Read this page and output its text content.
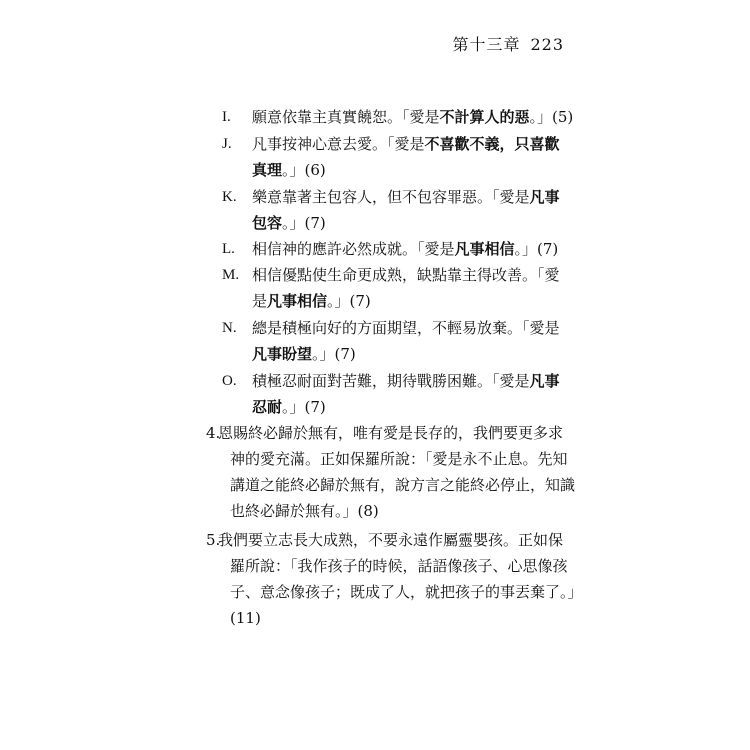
第十三章 223
I.	願意依靠主真實饒恕。「愛是不計算人的惡。」(5)

J.	凡事按神心意去愛。「愛是不喜歡不義，只喜歡

真理。」(6)

K.	樂意靠著主包容人，但不包容罪惡。「愛是凡事

包容。」(7)

L.	相信神的應許必然成就。「愛是凡事相信。」(7)

M. 相信優點使生命更成熟，缺點靠主得改善。「愛

是凡事相信。」(7)

N.	總是積極向好的方面期望，不輕易放棄。「愛是

凡事盼望。」(7)

O.	積極忍耐面對苦難，期待戰勝困難。「愛是凡事

忍耐。」(7)

4.

恩賜終必歸於無有，唯有愛是長存的，我們要更多求

神的愛充滿。正如保羅所說：「愛是永不止息。先知

講道之能終必歸於無有，說方言之能終必停止，知識

也終必歸於無有。」(8)

5.

我們要立志長大成熟，不要永遠作屬靈嬰孩。正如保

羅所說：「我作孩子的時候，話語像孩子、心思像孩

子、意念像孩子；既成了人，就把孩子的事丟棄了。」

(11)
